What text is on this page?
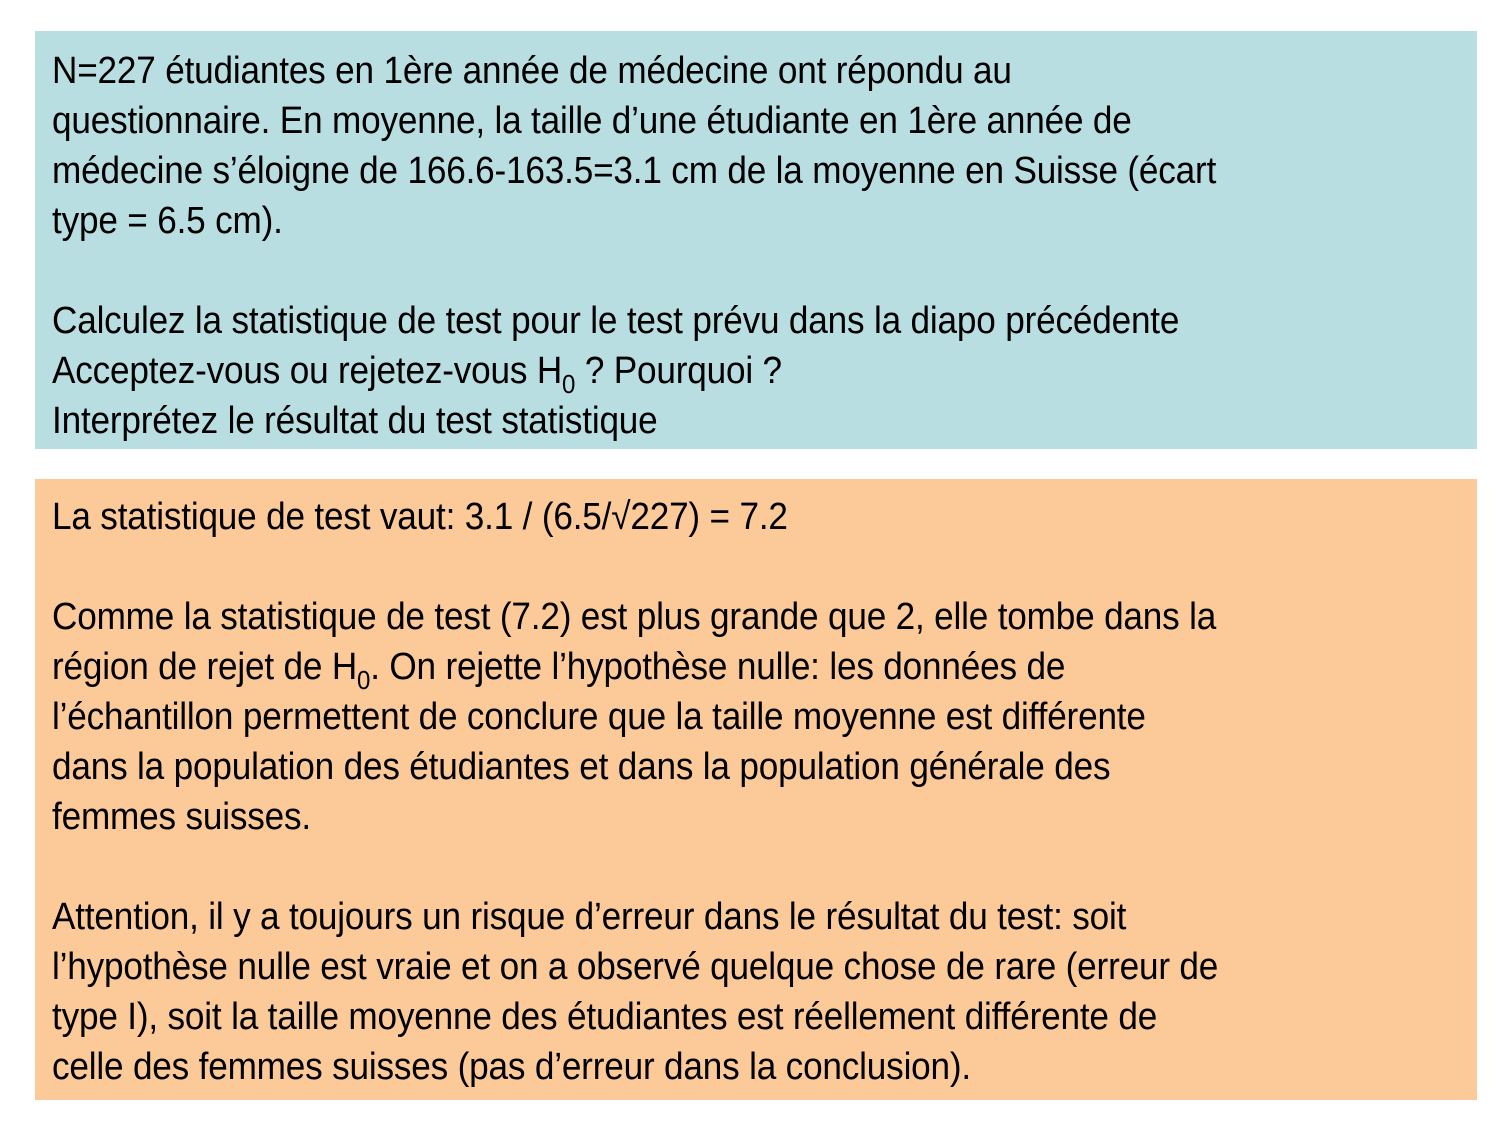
N=227 étudiantes en 1ère année de médecine ont répondu au
questionnaire. En moyenne, la taille d’une étudiante en 1ère année de
médecine s’éloigne de 166.6-163.5=3.1 cm de la moyenne en Suisse (écart
type = 6.5 cm).
Calculez la statistique de test pour le test prévu dans la diapo précédente
Acceptez-vous ou rejetez-vous $H_0$ ? Pourquoi ?
Interprétez le résultat du test statistique
La statistique de test vaut: 3.1 / (6.5/√227) = 7.2
Comme la statistique de test (7.2) est plus grande que 2, elle tombe dans la
région de rejet de $H_0$. On rejette l’hypothèse nulle: les données de
l’échantillon permettent de conclure que la taille moyenne est différente
dans la population des étudiantes et dans la population générale des
femmes suisses.
Attention, il y a toujours un risque d’erreur dans le résultat du test: soit
l’hypothèse nulle est vraie et on a observé quelque chose de rare (erreur de
type I), soit la taille moyenne des étudiantes est réellement différente de
celle des femmes suisses (pas d’erreur dans la conclusion).
